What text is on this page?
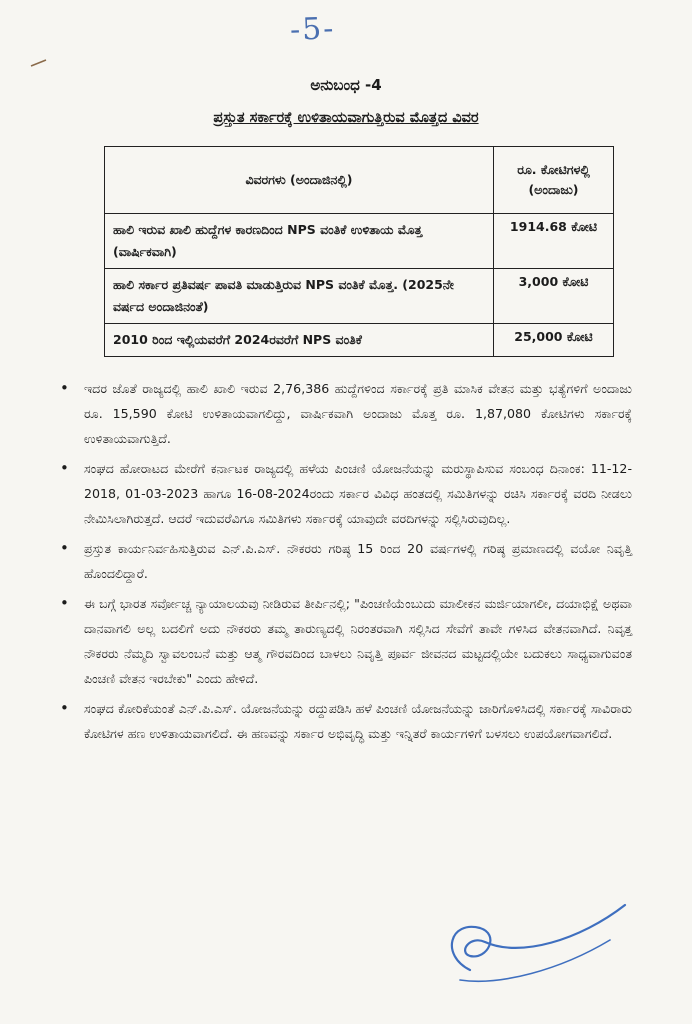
-5-
ಅನುಬಂಧ -4
ಪ್ರಸ್ತುತ ಸರ್ಕಾರಕ್ಕೆ ಉಳಿತಾಯವಾಗುತ್ತಿರುವ ಮೊತ್ತದ ವಿವರ
ವಿವರಗಳು (ಅಂದಾಜಿನಲ್ಲಿ)	ರೂ. ಕೋಟಿಗಳಲ್ಲಿ (ಅಂದಾಜು)
ಹಾಲಿ ಇರುವ ಖಾಲಿ ಹುದ್ದೆಗಳ ಕಾರಣದಿಂದ NPS ವಂತಿಕೆ ಉಳಿತಾಯ ಮೊತ್ತ (ವಾರ್ಷಿಕವಾಗಿ)	1914.68 ಕೋಟಿ
ಹಾಲಿ ಸರ್ಕಾರ ಪ್ರತಿವರ್ಷ ಪಾವತಿ ಮಾಡುತ್ತಿರುವ NPS ವಂತಿಕೆ ಮೊತ್ತ. (2025ನೇ ವರ್ಷದ ಅಂದಾಜಿನಂತೆ)	3,000 ಕೋಟಿ
2010 ರಿಂದ ಇಲ್ಲಿಯವರೆಗೆ 2024ರವರೆಗೆ NPS ವಂತಿಕೆ	25,000 ಕೋಟಿ
• ಇದರ ಜೊತೆ ರಾಜ್ಯದಲ್ಲಿ ಹಾಲಿ ಖಾಲಿ ಇರುವ 2,76,386 ಹುದ್ದೆಗಳಿಂದ ಸರ್ಕಾರಕ್ಕೆ ಪ್ರತಿ ಮಾಸಿಕ ವೇತನ ಮತ್ತು ಭತ್ಯೆಗಳಿಗೆ ಅಂದಾಜು ರೂ. 15,590 ಕೋಟಿ ಉಳಿತಾಯವಾಗಲಿದ್ದು, ವಾರ್ಷಿಕವಾಗಿ ಅಂದಾಜು ಮೊತ್ತ ರೂ. 1,87,080 ಕೋಟಿಗಳು ಸರ್ಕಾರಕ್ಕೆ ಉಳಿತಾಯವಾಗುತ್ತಿದೆ.
• ಸಂಘದ ಹೋರಾಟದ ಮೇರೆಗೆ ಕರ್ನಾಟಕ ರಾಜ್ಯದಲ್ಲಿ ಹಳೆಯ ಪಿಂಚಣಿ ಯೋಜನೆಯನ್ನು ಮರುಸ್ಥಾಪಿಸುವ ಸಂಬಂಧ ದಿನಾಂಕ: 11-12-2018, 01-03-2023 ಹಾಗೂ 16-08-2024ರಂದು ಸರ್ಕಾರ ವಿವಿಧ ಹಂತದಲ್ಲಿ ಸಮಿತಿಗಳನ್ನು ರಚಿಸಿ ಸರ್ಕಾರಕ್ಕೆ ವರದಿ ನೀಡಲು ನೇಮಿಸಿಲಾಗಿರುತ್ತದೆ. ಆದರೆ ಇದುವರೆವಿಗೂ ಸಮಿತಿಗಳು ಸರ್ಕಾರಕ್ಕೆ ಯಾವುದೇ ವರದಿಗಳನ್ನು ಸಲ್ಲಿಸಿರುವುದಿಲ್ಲ.
• ಪ್ರಸ್ತುತ ಕಾರ್ಯನಿರ್ವಹಿಸುತ್ತಿರುವ ಎನ್.ಪಿ.ಎಸ್. ನೌಕರರು ಗರಿಷ್ಠ 15 ರಿಂದ 20 ವರ್ಷಗಳಲ್ಲಿ ಗರಿಷ್ಠ ಪ್ರಮಾಣದಲ್ಲಿ ವಯೋ ನಿವೃತ್ತಿ ಹೊಂದಲಿದ್ದಾರೆ.
• ಈ ಬಗ್ಗೆ ಭಾರತ ಸರ್ವೋಚ್ಚ ನ್ಯಾಯಾಲಯವು ನೀಡಿರುವ ತೀರ್ಪಿನಲ್ಲಿ; "ಪಿಂಚಣಿಯೆಂಬುದು ಮಾಲೀಕನ ಮರ್ಜಿಯಾಗಲೀ, ದಯಾಭಿಕ್ಷೆ ಅಥವಾ ದಾನವಾಗಲಿ ಅಲ್ಲ ಬದಲಿಗೆ ಅದು ನೌಕರರು ತಮ್ಮ ತಾರುಣ್ಯದಲ್ಲಿ ನಿರಂತರವಾಗಿ ಸಲ್ಲಿಸಿದ ಸೇವೆಗೆ ತಾವೇ ಗಳಿಸಿದ ವೇತನವಾಗಿದೆ. ನಿವೃತ್ತ ನೌಕರರು ನೆಮ್ಮದಿ ಸ್ವಾವಲಂಬನೆ ಮತ್ತು ಆತ್ಮ ಗೌರವದಿಂದ ಬಾಳಲು ನಿವೃತ್ತಿ ಪೂರ್ವ ಜೀವನದ ಮಟ್ಟದಲ್ಲಿಯೇ ಬದುಕಲು ಸಾಧ್ಯವಾಗುವಂತ ಪಿಂಚಣಿ ವೇತನ ಇರಬೇಕು" ಎಂದು ಹೇಳಿದೆ.
• ಸಂಘದ ಕೋರಿಕೆಯಂತೆ ಎನ್.ಪಿ.ಎಸ್. ಯೋಜನೆಯನ್ನು ರದ್ದುಪಡಿಸಿ ಹಳೆ ಪಿಂಚಣಿ ಯೋಜನೆಯನ್ನು ಜಾರಿಗೊಳಿಸಿದಲ್ಲಿ ಸರ್ಕಾರಕ್ಕೆ ಸಾವಿರಾರು ಕೋಟಿಗಳ ಹಣ ಉಳಿತಾಯವಾಗಲಿದೆ. ಈ ಹಣವನ್ನು ಸರ್ಕಾರ ಅಭಿವೃದ್ಧಿ ಮತ್ತು ಇನ್ನಿತರೆ ಕಾರ್ಯಗಳಿಗೆ ಬಳಸಲು ಉಪಯೋಗವಾಗಲಿದೆ.
